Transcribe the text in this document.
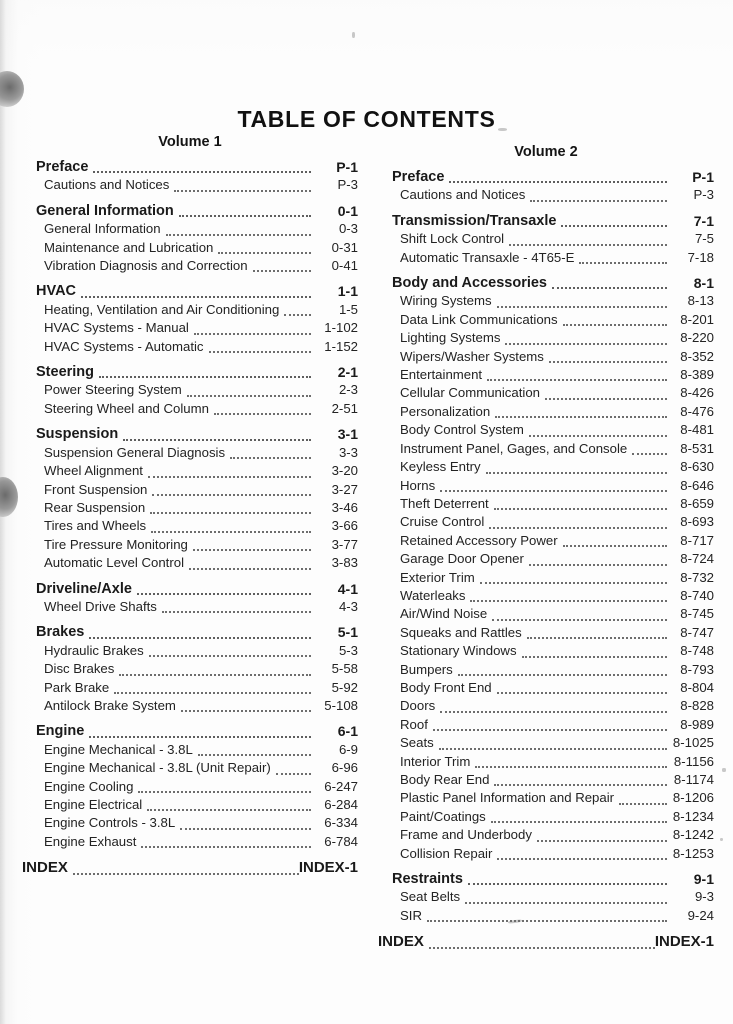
TABLE OF CONTENTS
Volume 1
Preface	P-1
Cautions and Notices	P-3
General Information	0-1
General Information	0-3
Maintenance and Lubrication	0-31
Vibration Diagnosis and Correction	0-41
HVAC	1-1
Heating, Ventilation and Air Conditioning	1-5
HVAC Systems - Manual	1-102
HVAC Systems - Automatic	1-152
Steering	2-1
Power Steering System	2-3
Steering Wheel and Column	2-51
Suspension	3-1
Suspension General Diagnosis	3-3
Wheel Alignment	3-20
Front Suspension	3-27
Rear Suspension	3-46
Tires and Wheels	3-66
Tire Pressure Monitoring	3-77
Automatic Level Control	3-83
Driveline/Axle	4-1
Wheel Drive Shafts	4-3
Brakes	5-1
Hydraulic Brakes	5-3
Disc Brakes	5-58
Park Brake	5-92
Antilock Brake System	5-108
Engine	6-1
Engine Mechanical - 3.8L	6-9
Engine Mechanical - 3.8L (Unit Repair)	6-96
Engine Cooling	6-247
Engine Electrical	6-284
Engine Controls - 3.8L	6-334
Engine Exhaust	6-784
INDEX	INDEX-1
Volume 2
Preface	P-1
Cautions and Notices	P-3
Transmission/Transaxle	7-1
Shift Lock Control	7-5
Automatic Transaxle - 4T65-E	7-18
Body and Accessories	8-1
Wiring Systems	8-13
Data Link Communications	8-201
Lighting Systems	8-220
Wipers/Washer Systems	8-352
Entertainment	8-389
Cellular Communication	8-426
Personalization	8-476
Body Control System	8-481
Instrument Panel, Gages, and Console	8-531
Keyless Entry	8-630
Horns	8-646
Theft Deterrent	8-659
Cruise Control	8-693
Retained Accessory Power	8-717
Garage Door Opener	8-724
Exterior Trim	8-732
Waterleaks	8-740
Air/Wind Noise	8-745
Squeaks and Rattles	8-747
Stationary Windows	8-748
Bumpers	8-793
Body Front End	8-804
Doors	8-828
Roof	8-989
Seats	8-1025
Interior Trim	8-1156
Body Rear End	8-1174
Plastic Panel Information and Repair	8-1206
Paint/Coatings	8-1234
Frame and Underbody	8-1242
Collision Repair	8-1253
Restraints	9-1
Seat Belts	9-3
SIR	9-24
INDEX	INDEX-1
